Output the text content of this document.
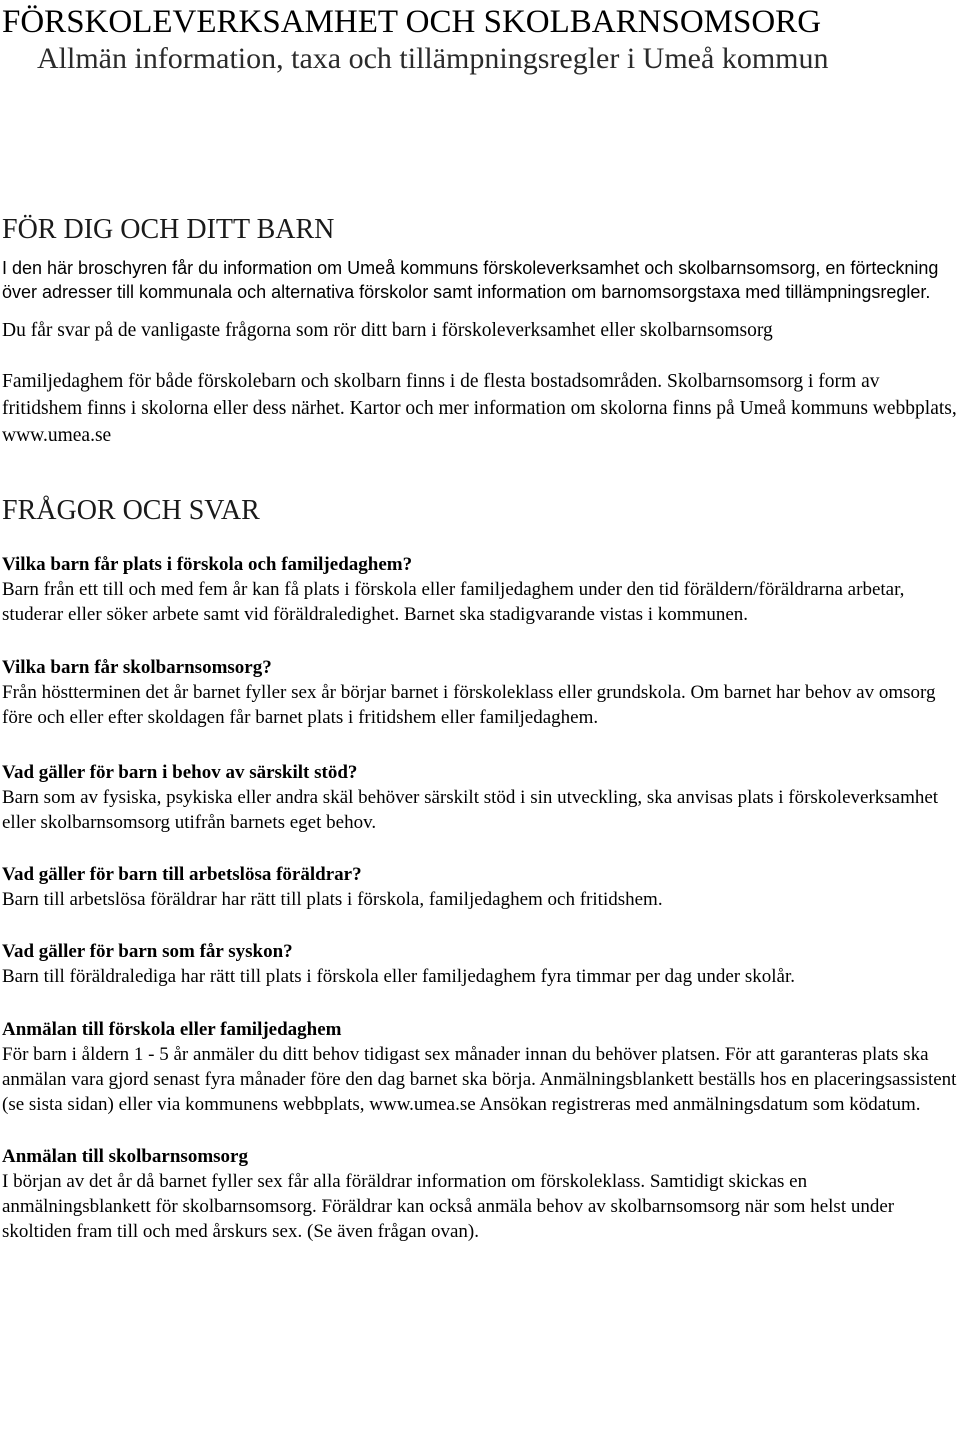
FÖRSKOLEVERKSAMHET OCH SKOLBARNSOMSORG
Allmän information, taxa och tillämpningsregler i Umeå kommun
FÖR DIG OCH DITT BARN

I den här broschyren får du information om Umeå kommuns förskoleverksamhet och skolbarnsomsorg, en förteckning över adresser till kommunala och alternativa förskolor samt information om barnomsorgstaxa med tillämpningsregler.

Du får svar på de vanligaste frågorna som rör ditt barn i förskoleverksamhet eller skolbarnsomsorg

Familjedaghem för både förskolebarn och skolbarn finns i de flesta bostadsområden. Skolbarnsomsorg i form av fritidshem finns i skolorna eller dess närhet. Kartor och mer information om skolorna finns på Umeå kommuns webbplats, www.umea.se

FRÅGOR OCH SVAR

Vilka barn får plats i förskola och familjedaghem?

Barn från ett till och med fem år kan få plats i förskola eller familjedaghem under den tid föräldern/föräldrarna arbetar, studerar eller söker arbete samt vid föräldraledighet. Barnet ska stadigvarande vistas i kommunen.

Vilka barn får skolbarnsomsorg?

Från höstterminen det år barnet fyller sex år börjar barnet i förskoleklass eller grundskola. Om barnet har behov av omsorg före och eller efter skoldagen får barnet plats i fritidshem eller familjedaghem.

Vad gäller för barn i behov av särskilt stöd?

Barn som av fysiska, psykiska eller andra skäl behöver särskilt stöd i sin utveckling, ska anvisas plats i förskoleverksamhet eller skolbarnsomsorg utifrån barnets eget behov.

Vad gäller för barn till arbetslösa föräldrar?

Barn till arbetslösa föräldrar har rätt till plats i förskola, familjedaghem och fritidshem.

Vad gäller för barn som får syskon?

Barn till föräldralediga har rätt till plats i förskola eller familjedaghem fyra timmar per dag under skolår.

Anmälan till förskola eller familjedaghem

För barn i åldern 1 - 5 år anmäler du ditt behov tidigast sex månader innan du behöver platsen. För att garanteras plats ska anmälan vara gjord senast fyra månader före den dag barnet ska börja. Anmälningsblankett beställs hos en placeringsassistent (se sista sidan) eller via kommunens webbplats, www.umea.se Ansökan registreras med anmälningsdatum som ködatum.

Anmälan till skolbarnsomsorg

I början av det år då barnet fyller sex får alla föräldrar information om förskoleklass. Samtidigt skickas en anmälningsblankett för skolbarnsomsorg. Föräldrar kan också anmäla behov av skolbarnsomsorg när som helst under skoltiden fram till och med årskurs sex. (Se även frågan ovan).
